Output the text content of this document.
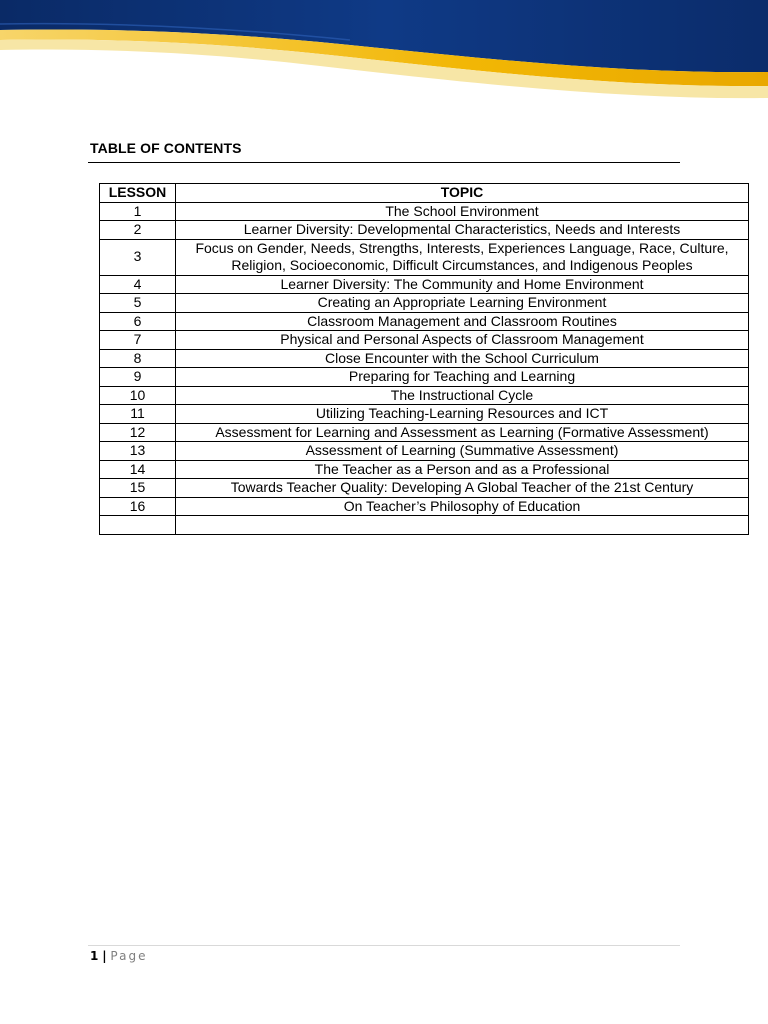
TABLE OF CONTENTS
LESSON	TOPIC
1	The School Environment
2	Learner Diversity: Developmental Characteristics, Needs and Interests
3	Focus on Gender, Needs, Strengths, Interests, Experiences Language, Race, Culture, Religion, Socioeconomic, Difficult Circumstances, and Indigenous Peoples
4	Learner Diversity: The Community and Home Environment
5	Creating an Appropriate Learning Environment
6	Classroom Management and Classroom Routines
7	Physical and Personal Aspects of Classroom Management
8	Close Encounter with the School Curriculum
9	Preparing for Teaching and Learning
10	The Instructional Cycle
11	Utilizing Teaching-Learning Resources and ICT
12	Assessment for Learning and Assessment as Learning (Formative Assessment)
13	Assessment of Learning (Summative Assessment)
14	The Teacher as a Person and as a Professional
15	Towards Teacher Quality: Developing A Global Teacher of the 21st Century
16	On Teacher’s Philosophy of Education

1 | Page
